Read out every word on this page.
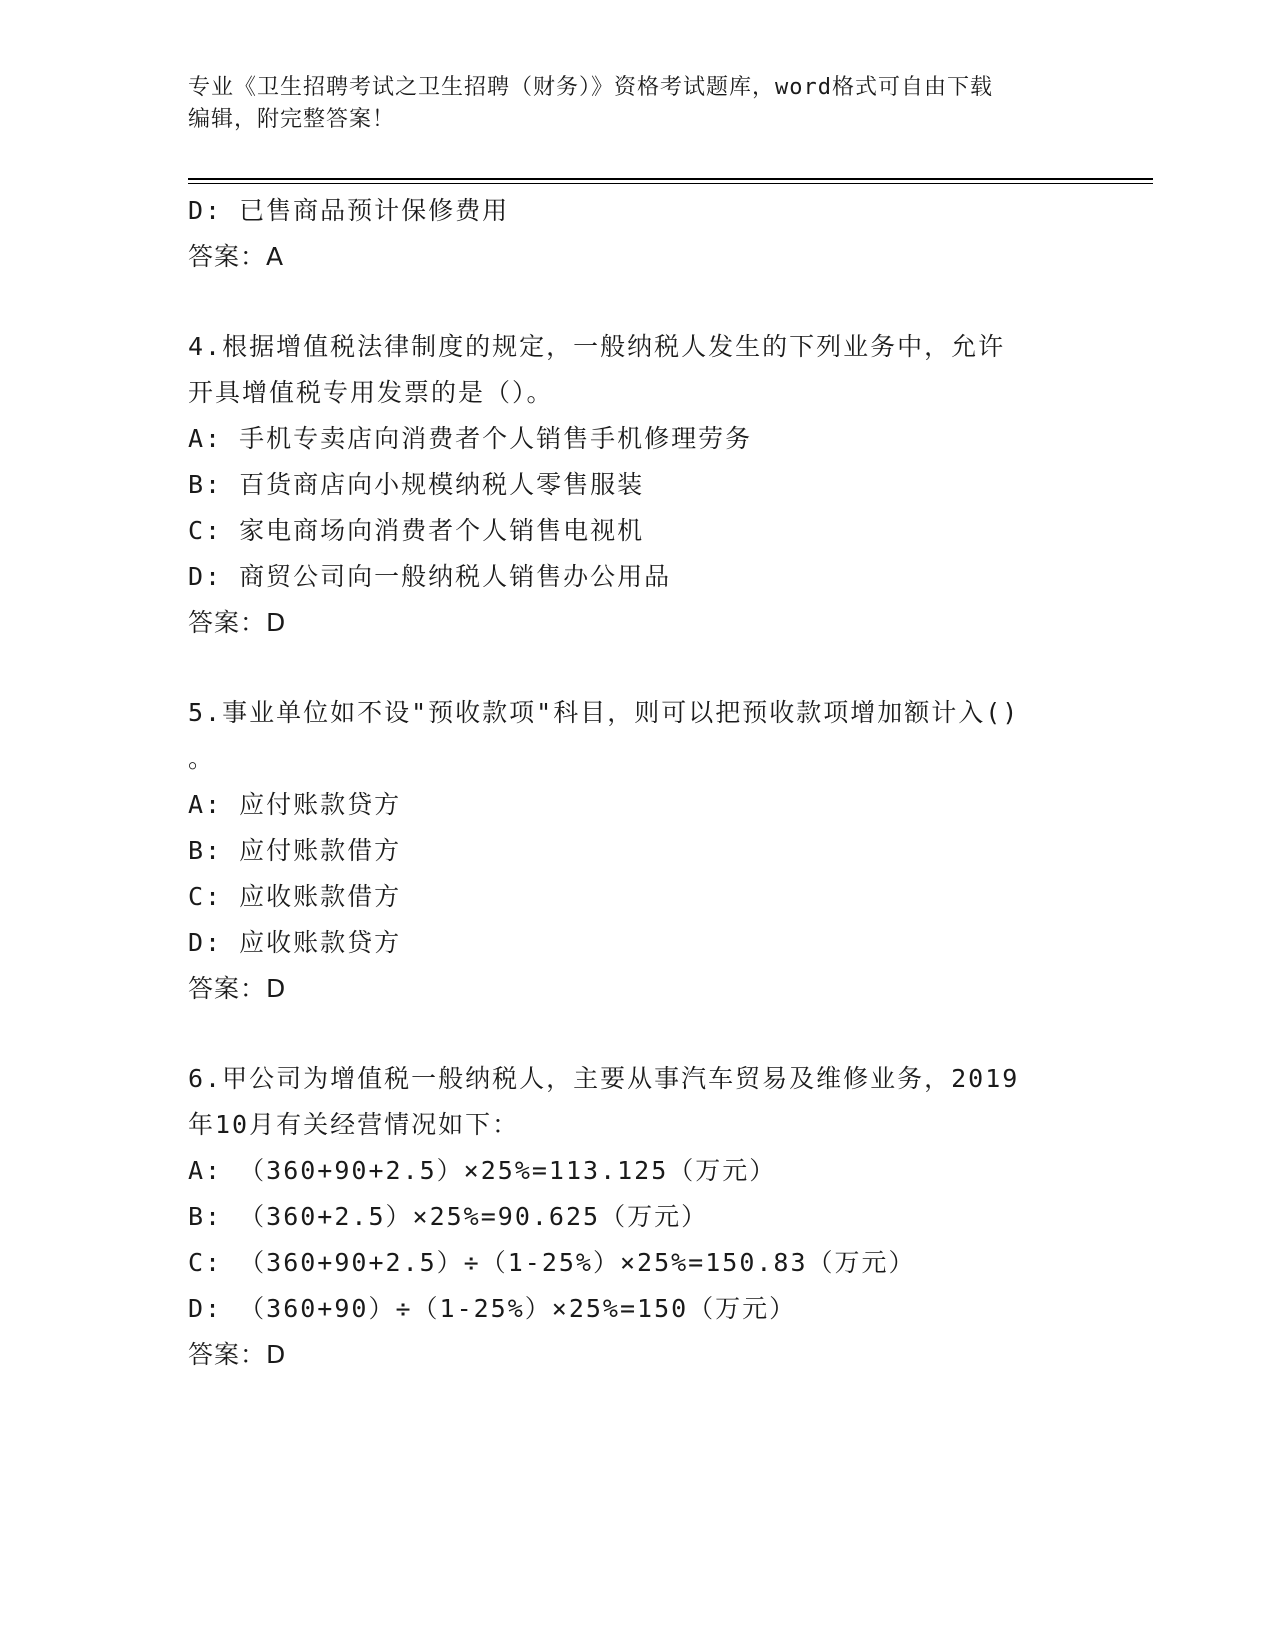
专业《卫生招聘考试之卫生招聘（财务）》资格考试题库，word格式可自由下载
编辑，附完整答案！
D: 已售商品预计保修费用
答案：A
4.根据增值税法律制度的规定，一般纳税人发生的下列业务中，允许
开具增值税专用发票的是（）。
A: 手机专卖店向消费者个人销售手机修理劳务
B: 百货商店向小规模纳税人零售服装
C: 家电商场向消费者个人销售电视机
D: 商贸公司向一般纳税人销售办公用品
答案：D
5.事业单位如不设"预收款项"科目，则可以把预收款项增加额计入()
。
A: 应付账款贷方
B: 应付账款借方
C: 应收账款借方
D: 应收账款贷方
答案：D
6.甲公司为增值税一般纳税人，主要从事汽车贸易及维修业务，2019
年10月有关经营情况如下：
A: （360+90+2.5）×25%=113.125（万元）
B: （360+2.5）×25%=90.625（万元）
C: （360+90+2.5）÷（1-25%）×25%=150.83（万元）
D: （360+90）÷（1-25%）×25%=150（万元）
答案：D
